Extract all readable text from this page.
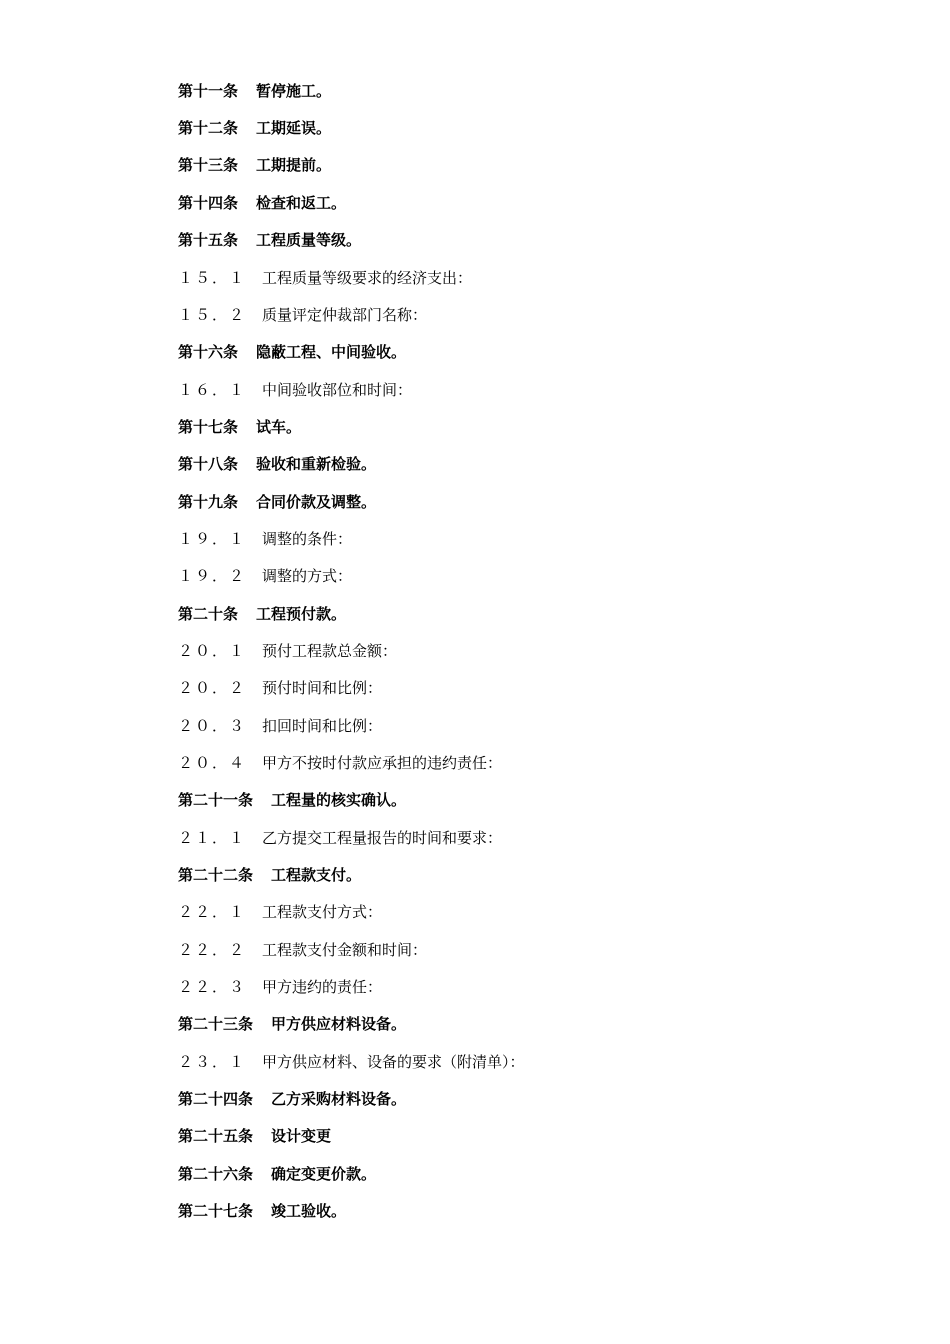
第十一条 暂停施工。
第十二条 工期延误。
第十三条 工期提前。
第十四条 检查和返工。
第十五条 工程质量等级。
１５．１ 工程质量等级要求的经济支出：
１５．２ 质量评定仲裁部门名称：
第十六条 隐蔽工程、中间验收。
１６．１ 中间验收部位和时间：
第十七条 试车。
第十八条 验收和重新检验。
第十九条 合同价款及调整。
１９．１ 调整的条件：
１９．２ 调整的方式：
第二十条 工程预付款。
２０．１ 预付工程款总金额：
２０．２ 预付时间和比例：
２０．３ 扣回时间和比例：
２０．４ 甲方不按时付款应承担的违约责任：
第二十一条 工程量的核实确认。
２１．１ 乙方提交工程量报告的时间和要求：
第二十二条 工程款支付。
２２．１ 工程款支付方式：
２２．２ 工程款支付金额和时间：
２２．３ 甲方违约的责任：
第二十三条 甲方供应材料设备。
２３．１ 甲方供应材料、设备的要求（附清单）：
第二十四条 乙方采购材料设备。
第二十五条 设计变更
第二十六条 确定变更价款。
第二十七条 竣工验收。
